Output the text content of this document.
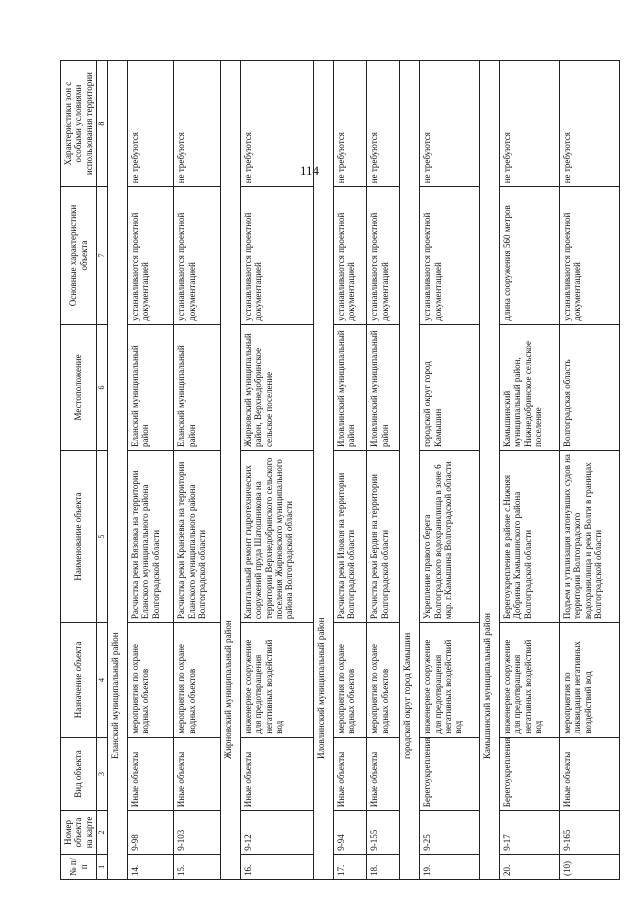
114
№ п/п	Номер объекта на карте	Вид объекта	Назначение объекта	Наименование объекта	Местоположение	Основные характеристики объекта	Характеристики зон с особыми условиями использования территории
1	2	3	4	5	6	7	8
Еланский муниципальный район							
14.	9-98	Иные объекты	мероприятия по охране водных объектов	Расчистка реки Вязовка на территории Еланского муниципального района Волгоградской области	Еланский муниципальный район	устанавливаются проектной документацией	не требуются
15.	9-103	Иные объекты	мероприятия по охране водных объектов	Расчистка реки Кранзевка на территории Еланского муниципального района Волгоградской области	Еланский муниципальный район	устанавливаются проектной документацией	не требуются
Жирновский муниципальный район							
16.	9-12	Иные объекты	инженерное сооружение для предотвращения негативных воздействий вод	Капитальный ремонт гидротехнических сооружений пруда Шатошникова на территории Верхнедобринского сельского поселения Жирновского муниципального района Волгоградской области	Жирновский муниципальный район, Верхнедобринское сельское поселение	устанавливаются проектной документацией	не требуются
Иловлинский муниципальный район							
17.	9-94	Иные объекты	мероприятия по охране водных объектов	Расчистка реки Иловля на территории Волгоградской области	Иловлинский муниципальный район	устанавливаются проектной документацией	не требуются
18.	9-155	Иные объекты	мероприятия по охране водных объектов	Расчистка реки Бердия на территории Волгоградской области	Иловлинский муниципальный район	устанавливаются проектной документацией	не требуются
городской округ город Камышин							
19.	9-25	Берегоукрепления	инженерное сооружение для предотвращения негативных воздействий вод	Укрепление правого берега Волгоградского водохранилища в зоне 6 мкр. г.Камышина Волгоградской области	городской округ город Камышин	устанавливаются проектной документацией	не требуются
Камышинский муниципальный район							
20.	9-17	Берегоукрепления	инженерное сооружение для предотвращения негативных воздействий вод	Берегоукрепление в районе с.Нижняя Добринка Камышинского района Волгоградской области	Камышинский муниципальный район, Нижнедобринское сельское поселение	длина сооружения 560 метров	не требуются
(10)	9-165	Иные объекты	мероприятия по ликвидации негативных воздействий вод	Подъем и утилизация затонувших судов на территории Волгоградского водохранилища и реки Волги в границах Волгоградской области	Волгоградская область	устанавливаются проектной документацией	не требуются
